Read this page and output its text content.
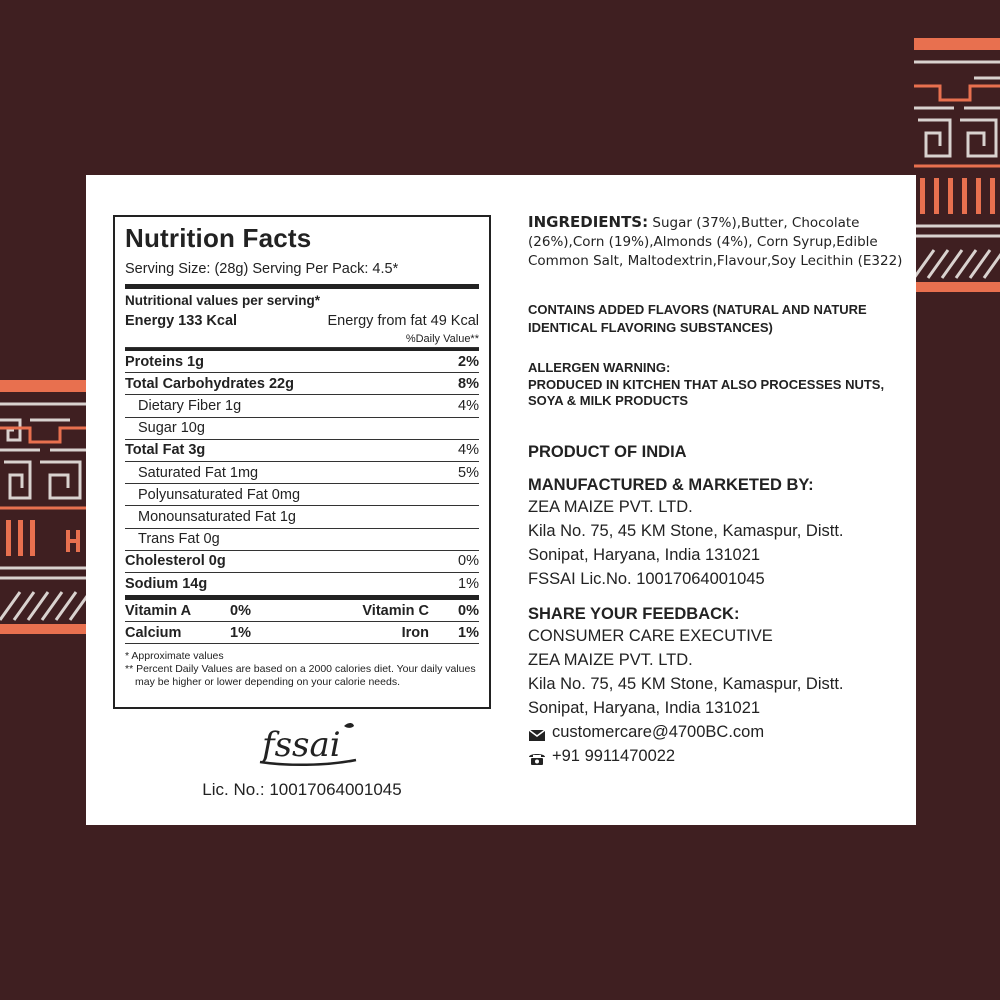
Nutrition Facts
Serving Size: (28g) Serving Per Pack: 4.5*
Nutritional values per serving*
Energy 133 Kcal	Energy from fat 49 Kcal
%Daily Value**
Proteins 1g	2%
Total Carbohydrates 22g	8%
Dietary Fiber 1g	4%
Sugar 10g
Total Fat 3g	4%
Saturated Fat 1mg	5%
Polyunsaturated Fat 0mg
Monounsaturated Fat 1g
Trans Fat 0g
Cholesterol 0g	0%
Sodium 14g	1%
Vitamin A	0%	Vitamin C	0%
Calcium	1%	Iron	1%
* Approximate values
** Percent Daily Values are based on a 2000 calories diet. Your daily values may be higher or lower depending on your calorie needs.
fssai
Lic. No.: 10017064001045
INGREDIENTS: Sugar (37%),Butter, Chocolate (26%),Corn (19%),Almonds (4%), Corn Syrup,Edible Common Salt, Maltodextrin,Flavour,Soy Lecithin (E322)
CONTAINS ADDED FLAVORS (NATURAL AND NATURE IDENTICAL FLAVORING SUBSTANCES)
ALLERGEN WARNING:
PRODUCED IN KITCHEN THAT ALSO PROCESSES NUTS, SOYA & MILK PRODUCTS
PRODUCT OF INDIA
MANUFACTURED & MARKETED BY:
ZEA MAIZE PVT. LTD.
Kila No. 75, 45 KM Stone, Kamaspur, Distt.
Sonipat, Haryana, India 131021
FSSAI Lic.No. 10017064001045
SHARE YOUR FEEDBACK:
CONSUMER CARE EXECUTIVE
ZEA MAIZE PVT. LTD.
Kila No. 75, 45 KM Stone, Kamaspur, Distt.
Sonipat, Haryana, India 131021
customercare@4700BC.com
+91 9911470022
